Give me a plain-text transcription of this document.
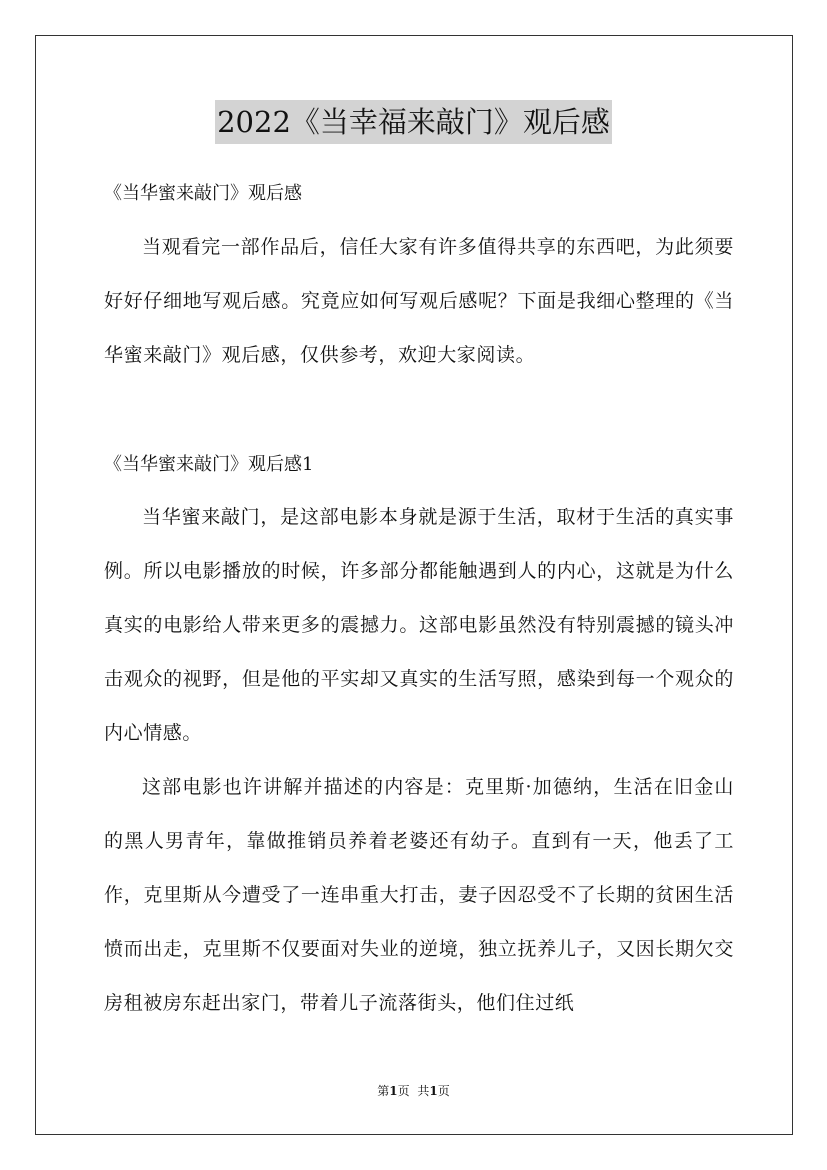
2022《当幸福来敲门》观后感
《当华蜜来敲门》观后感

当观看完一部作品后，信任大家有许多值得共享的东西吧，为此须要好好仔细地写观后感。究竟应如何写观后感呢？下面是我细心整理的《当华蜜来敲门》观后感，仅供参考，欢迎大家阅读。

《当华蜜来敲门》观后感1

当华蜜来敲门，是这部电影本身就是源于生活，取材于生活的真实事例。所以电影播放的时候，许多部分都能触遇到人的内心，这就是为什么真实的电影给人带来更多的震撼力。这部电影虽然没有特别震撼的镜头冲击观众的视野，但是他的平实却又真实的生活写照，感染到每一个观众的内心情感。

这部电影也许讲解并描述的内容是：克里斯·加德纳，生活在旧金山的黑人男青年，靠做推销员养着老婆还有幼子。直到有一天，他丢了工作，克里斯从今遭受了一连串重大打击，妻子因忍受不了长期的贫困生活愤而出走，克里斯不仅要面对失业的逆境，独立抚养儿子，又因长期欠交房租被房东赶出家门，带着儿子流落街头，他们住过纸

第1页 共1页
